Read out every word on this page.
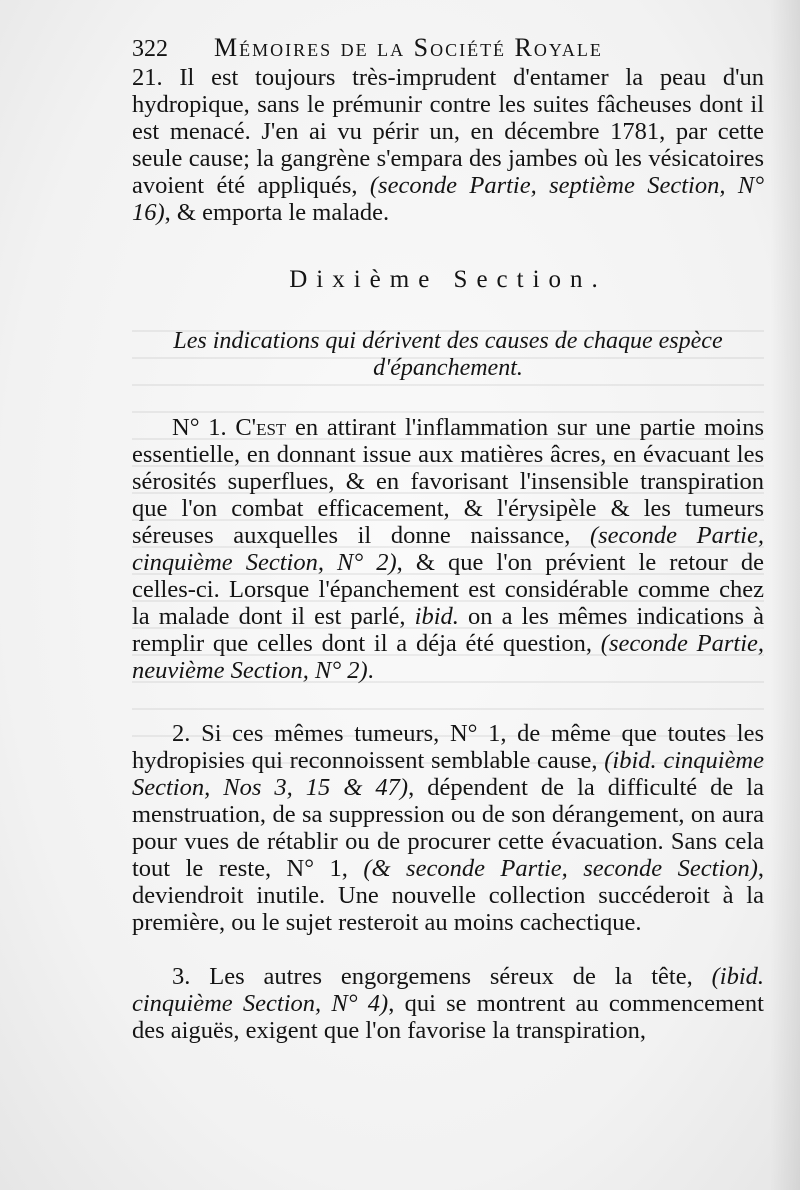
322 Mémoires de la Société Royale

21. Il est toujours très-imprudent d'entamer la peau d'un hydropique, sans le prémunir contre les suites fâcheuses dont il est menacé. J'en ai vu périr un, en décembre 1781, par cette seule cause; la gangrène s'empara des jambes où les vésicatoires avoient été appliqués, (seconde Partie, septième Section, N° 16), & emporta le malade.

Dixième Section.
Les indications qui dérivent des causes de chaque espèce d'épanchement.

N° 1. C'est en attirant l'inflammation sur une partie moins essentielle, en donnant issue aux matières âcres, en évacuant les sérosités superflues, & en favorisant l'insensible transpiration que l'on combat efficacement, & l'érysipèle & les tumeurs séreuses auxquelles il donne naissance, (seconde Partie, cinquième Section, N° 2), & que l'on prévient le retour de celles-ci. Lorsque l'épanchement est considérable comme chez la malade dont il est parlé, ibid. on a les mêmes indications à remplir que celles dont il a déja été question, (seconde Partie, neuvième Section, N° 2).

2. Si ces mêmes tumeurs, N° 1, de même que toutes les hydropisies qui reconnoissent semblable cause, (ibid. cinquième Section, Nos 3, 15 & 47), dépendent de la difficulté de la menstruation, de sa suppression ou de son dérangement, on aura pour vues de rétablir ou de procurer cette évacuation. Sans cela tout le reste, N° 1, (& seconde Partie, seconde Section), deviendroit inutile. Une nouvelle collection succéderoit à la première, ou le sujet resteroit au moins cachectique.

3. Les autres engorgemens séreux de la tête, (ibid. cinquième Section, N° 4), qui se montrent au commencement des aiguës, exigent que l'on favorise la transpiration,
